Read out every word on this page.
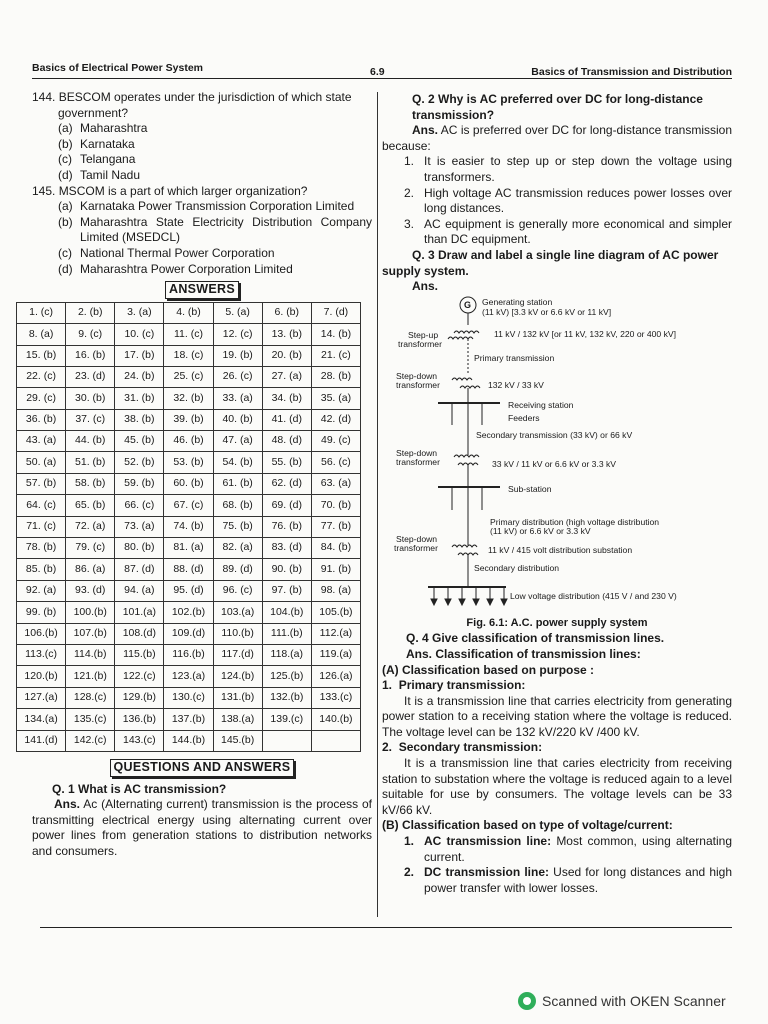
Basics of Electrical Power System	6.9	Basics of Transmission and Distribution

144. BESCOM operates under the jurisdiction of which state government?

(a) Maharashtra
(b) Karnataka
(c) Telangana
(d) Tamil Nadu

145. MSCOM is a part of which larger organization?

(a) Karnataka Power Transmission Corporation Limited
(b) Maharashtra State Electricity Distribution Company Limited (MSEDCL)
(c) National Thermal Power Corporation
(d) Maharashtra Power Corporation Limited
ANSWERS
1. (c)	2. (b)	3. (a)	4. (b)	5. (a)	6. (b)	7. (d)
8. (a)	9. (c)	10. (c)	11. (c)	12. (c)	13. (b)	14. (b)
15. (b)	16. (b)	17. (b)	18. (c)	19. (b)	20. (b)	21. (c)
22. (c)	23. (d)	24. (b)	25. (c)	26. (c)	27. (a)	28. (b)
29. (c)	30. (b)	31. (b)	32. (b)	33. (a)	34. (b)	35. (a)
36. (b)	37. (c)	38. (b)	39. (b)	40. (b)	41. (d)	42. (d)
43. (a)	44. (b)	45. (b)	46. (b)	47. (a)	48. (d)	49. (c)
50. (a)	51. (b)	52. (b)	53. (b)	54. (b)	55. (b)	56. (c)
57. (b)	58. (b)	59. (b)	60. (b)	61. (b)	62. (d)	63. (a)
64. (c)	65. (b)	66. (c)	67. (c)	68. (b)	69. (d)	70. (b)
71. (c)	72. (a)	73. (a)	74. (b)	75. (b)	76. (b)	77. (b)
78. (b)	79. (c)	80. (b)	81. (a)	82. (a)	83. (d)	84. (b)
85. (b)	86. (a)	87. (d)	88. (d)	89. (d)	90. (b)	91. (b)
92. (a)	93. (d)	94. (a)	95. (d)	96. (c)	97. (b)	98. (a)
99. (b)	100.(b)	101.(a)	102.(b)	103.(a)	104.(b)	105.(b)
106.(b)	107.(b)	108.(d)	109.(d)	110.(b)	111.(b)	112.(a)
113.(c)	114.(b)	115.(b)	116.(b)	117.(d)	118.(a)	119.(a)
120.(b)	121.(b)	122.(c)	123.(a)	124.(b)	125.(b)	126.(a)
127.(a)	128.(c)	129.(b)	130.(c)	131.(b)	132.(b)	133.(c)
134.(a)	135.(c)	136.(b)	137.(b)	138.(a)	139.(c)	140.(b)
141.(d)	142.(c)	143.(c)	144.(b)	145.(b)		
QUESTIONS AND ANSWERS

Q. 1 What is AC transmission?

Ans. Ac (Alternating current) transmission is the process of transmitting electrical energy using alternating current over power lines from generation stations to distribution networks and consumers.

Q. 2 Why is AC preferred over DC for long-distance transmission?

Ans. AC is preferred over DC for long-distance transmission because:

1. It is easier to step up or step down the voltage using transformers.
2. High voltage AC transmission reduces power losses over long distances.
3. AC equipment is generally more economical and simpler than DC equipment.

Q. 3 Draw and label a single line diagram of AC power supply system.

Ans.

G Generating station
(11 kV) [3.3 kV or 6.6 kV or 11 kV]
Step-up
transformer
11 kV / 132 kV [or 11 kV, 132 kV, 220 or 400 kV]
Primary transmission
Step-down
transformer	132 kV / 33 kV
Receiving station
Feeders
Secondary transmission (33 kV) or 66 kV
Step-down
transformer	33 kV / 11 kV or 6.6 kV or 3.3 kV
Sub-station
Primary distribution (high voltage distribution
(11 kV) or 6.6 kV or 3.3 kV
Step-down
transformer	11 kV / 415 volt distribution substation
Secondary distribution
Low voltage distribution (415 V / and 230 V)
Fig. 6.1: A.C. power supply system

Q. 4 Give classification of transmission lines.

Ans. Classification of transmission lines:

(A) Classification based on purpose :

1. Primary transmission:

It is a transmission line that carries electricity from generating power station to a receiving station where the voltage is reduced. The voltage level can be 132 kV/220 kV /400 kV.

2. Secondary transmission:

It is a transmission line that caries electricity from receiving station to substation where the voltage is reduced again to a level suitable for use by consumers. The voltage levels can be 33 kV/66 kV.

(B) Classification based on type of voltage/current:

1. AC transmission line: Most common, using alternating current.
2. DC transmission line: Used for long distances and high power transfer with lower losses.
Scanned with OKEN Scanner
